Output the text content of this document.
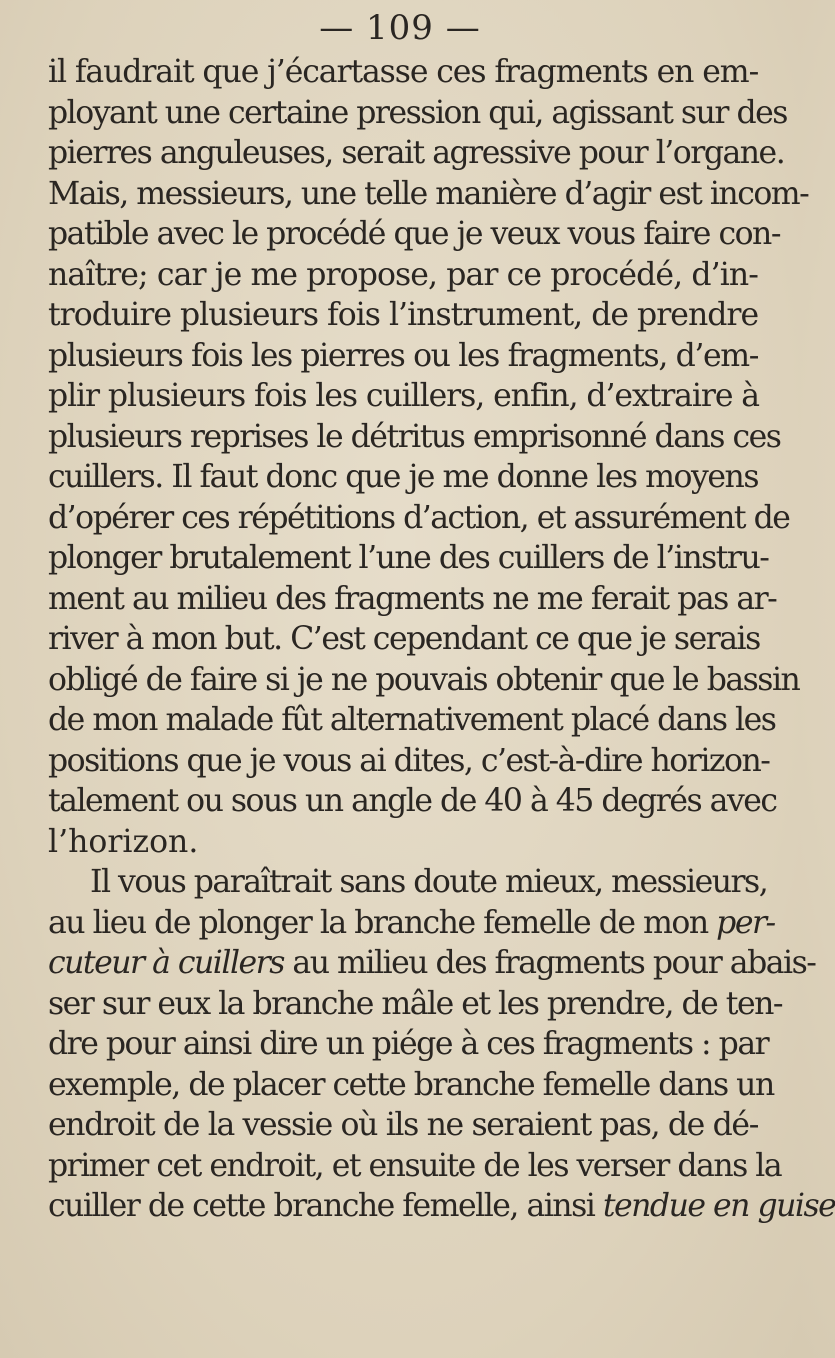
— 109 —
il faudrait que j’écartasse ces fragments en em-
ployant une certaine pression qui, agissant sur des
pierres anguleuses, serait agressive pour l’organe.
Mais, messieurs, une telle manière d’agir est incom-
patible avec le procédé que je veux vous faire con-
naître; car je me propose, par ce procédé, d’in-
troduire plusieurs fois l’instrument, de prendre
plusieurs fois les pierres ou les fragments, d’em-
plir plusieurs fois les cuillers, enfin, d’extraire à
plusieurs reprises le détritus emprisonné dans ces
cuillers. Il faut donc que je me donne les moyens
d’opérer ces répétitions d’action, et assurément de
plonger brutalement l’une des cuillers de l’instru-
ment au milieu des fragments ne me ferait pas ar-
river à mon but. C’est cependant ce que je serais
obligé de faire si je ne pouvais obtenir que le bassin
de mon malade fût alternativement placé dans les
positions que je vous ai dites, c’est-à-dire horizon-
talement ou sous un angle de 40 à 45 degrés avec
l’horizon.
Il vous paraîtrait sans doute mieux, messieurs,
au lieu de plonger la branche femelle de mon per-
cuteur à cuillers au milieu des fragments pour abais-
ser sur eux la branche mâle et les prendre, de ten-
dre pour ainsi dire un piége à ces fragments : par
exemple, de placer cette branche femelle dans un
endroit de la vessie où ils ne seraient pas, de dé-
primer cet endroit, et ensuite de les verser dans la
cuiller de cette branche femelle, ainsi tendue en guise
